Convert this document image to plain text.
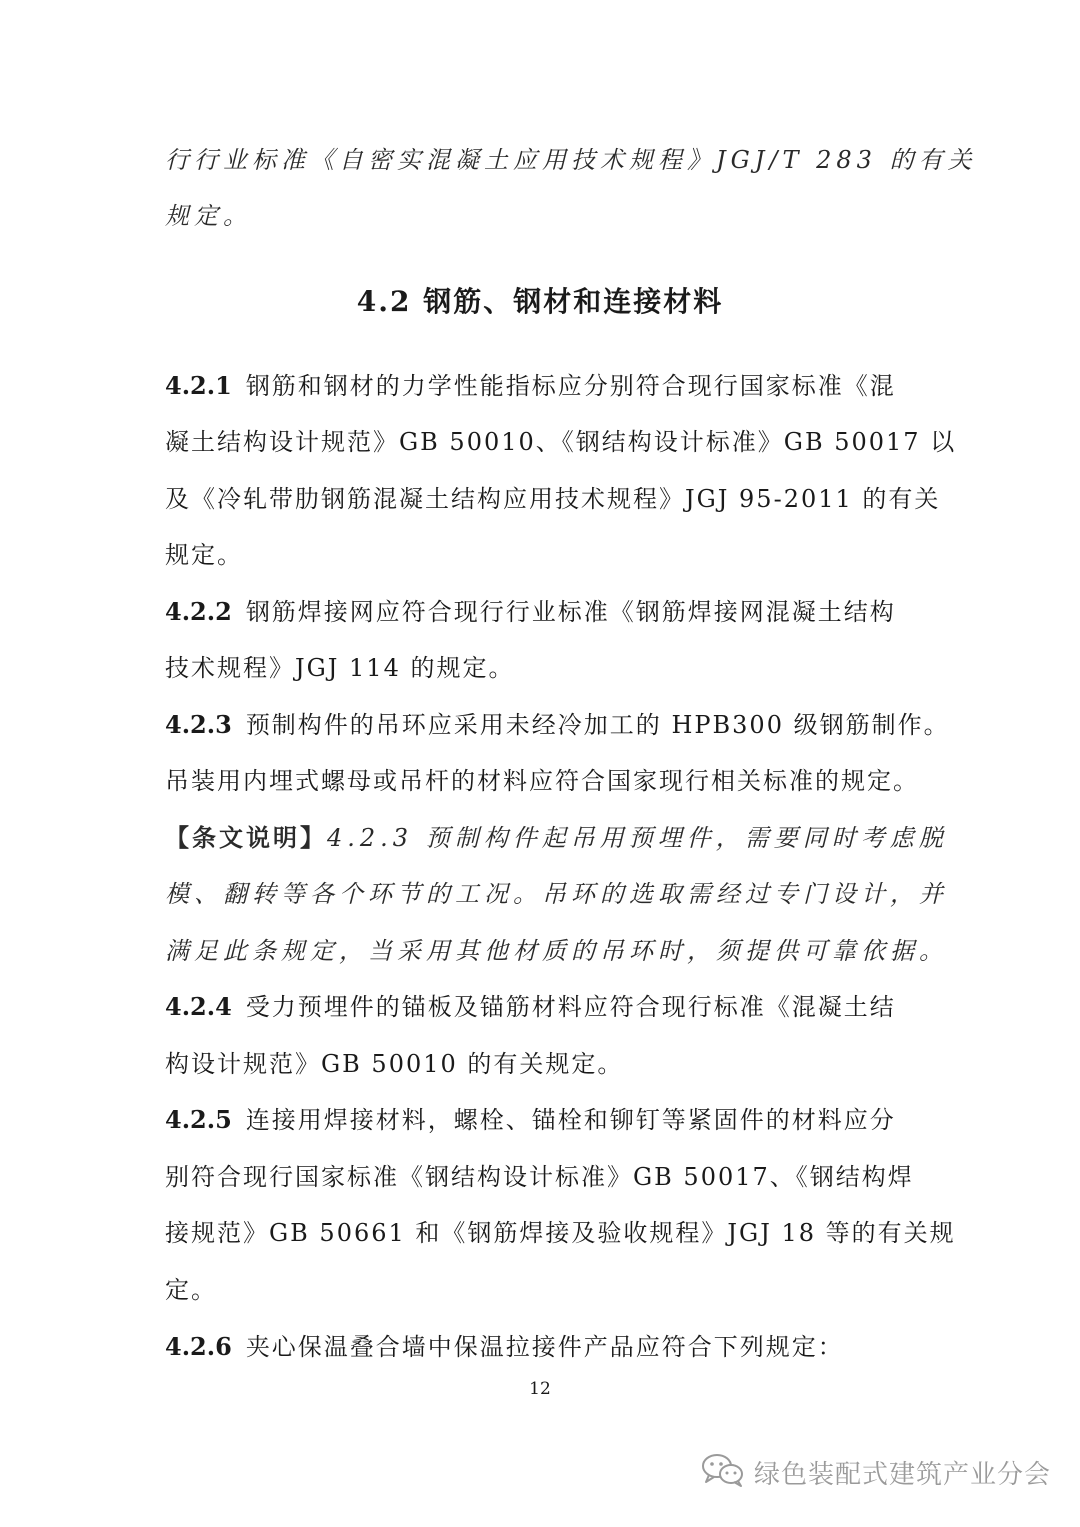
行行业标准《自密实混凝土应用技术规程》JGJ/T 283 的有关
规定。
4.2 钢筋、钢材和连接材料
4.2.1 钢筋和钢材的力学性能指标应分别符合现行国家标准《混
凝土结构设计规范》GB 50010、《钢结构设计标准》GB 50017 以
及《冷轧带肋钢筋混凝土结构应用技术规程》JGJ 95-2011 的有关
规定。
4.2.2 钢筋焊接网应符合现行行业标准《钢筋焊接网混凝土结构
技术规程》JGJ 114 的规定。
4.2.3 预制构件的吊环应采用未经冷加工的 HPB300 级钢筋制作。
吊装用内埋式螺母或吊杆的材料应符合国家现行相关标准的规定。
【条文说明】4.2.3 预制构件起吊用预埋件，需要同时考虑脱
模、翻转等各个环节的工况。吊环的选取需经过专门设计，并
满足此条规定，当采用其他材质的吊环时，须提供可靠依据。
4.2.4 受力预埋件的锚板及锚筋材料应符合现行标准《混凝土结
构设计规范》GB 50010 的有关规定。
4.2.5 连接用焊接材料，螺栓、锚栓和铆钉等紧固件的材料应分
别符合现行国家标准《钢结构设计标准》GB 50017、《钢结构焊
接规范》GB 50661 和《钢筋焊接及验收规程》JGJ 18 等的有关规
定。
4.2.6 夹心保温叠合墙中保温拉接件产品应符合下列规定：
12
绿色装配式建筑产业分会
